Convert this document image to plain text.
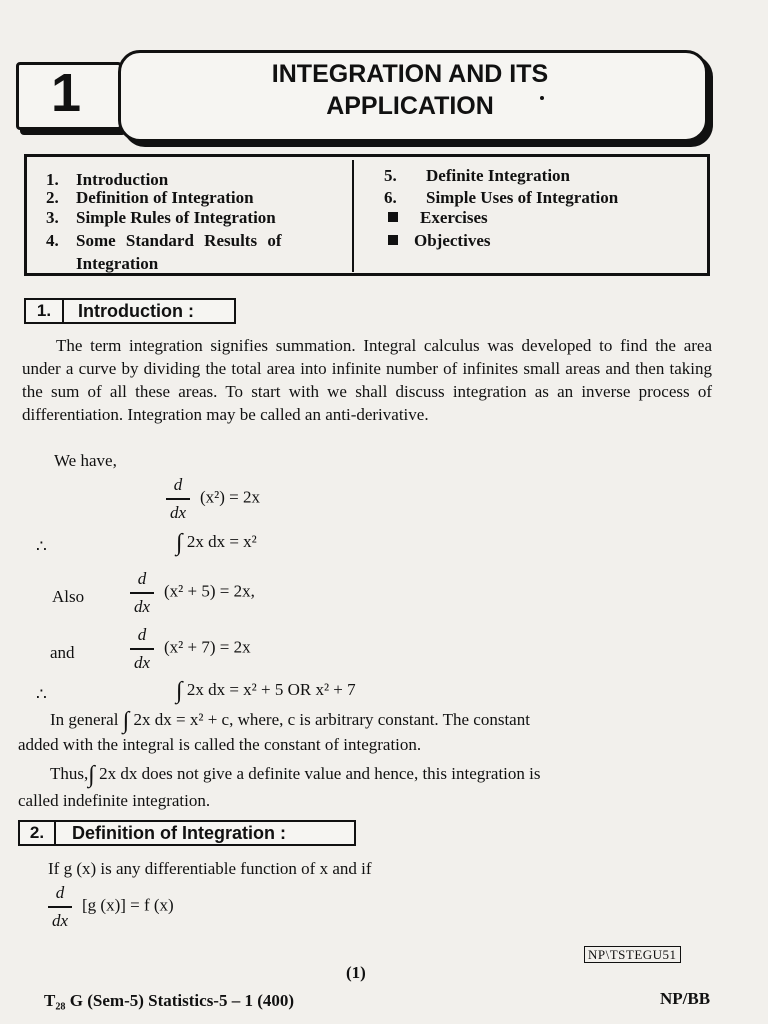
1	INTEGRATION AND ITS
APPLICATION
1. Introduction
2. Definition of Integration
3. Simple Rules of Integration
4. Some Standard Results of
Integration
5. Definite Integration
6. Simple Uses of Integration
Exercises
Objectives
1.	Introduction :
The term integration signifies summation. Integral calculus was developed to find the area under a curve by dividing the total area into infinite number of infinites small areas and then taking the sum of all these areas. To start with we shall discuss integration as an inverse process of differentiation. Integration may be called an anti-derivative.
We have,
$\frac{d}{dx} (x^2) = 2x$
∴	∫ 2x dx = x²
Also	$\frac{d}{dx} (x^2 + 5) = 2x$,
and	$\frac{d}{dx} (x^2 + 7) = 2x$
∴	∫ 2x dx = x² + 5 OR x² + 7
In general ∫ 2x dx = x² + c, where, c is arbitrary constant. The constant
added with the integral is called the constant of integration.
Thus,∫ 2x dx does not give a definite value and hence, this integration is
called indefinite integration.
2.	Definition of Integration :
If g (x) is any differentiable function of x and if
$\frac{d}{dx} [g$ (x)] = f (x)
NP\TSTEGU51
(1)
T₂₈ G (Sem-5) Statistics-5 – 1 (400)	NP/BB
